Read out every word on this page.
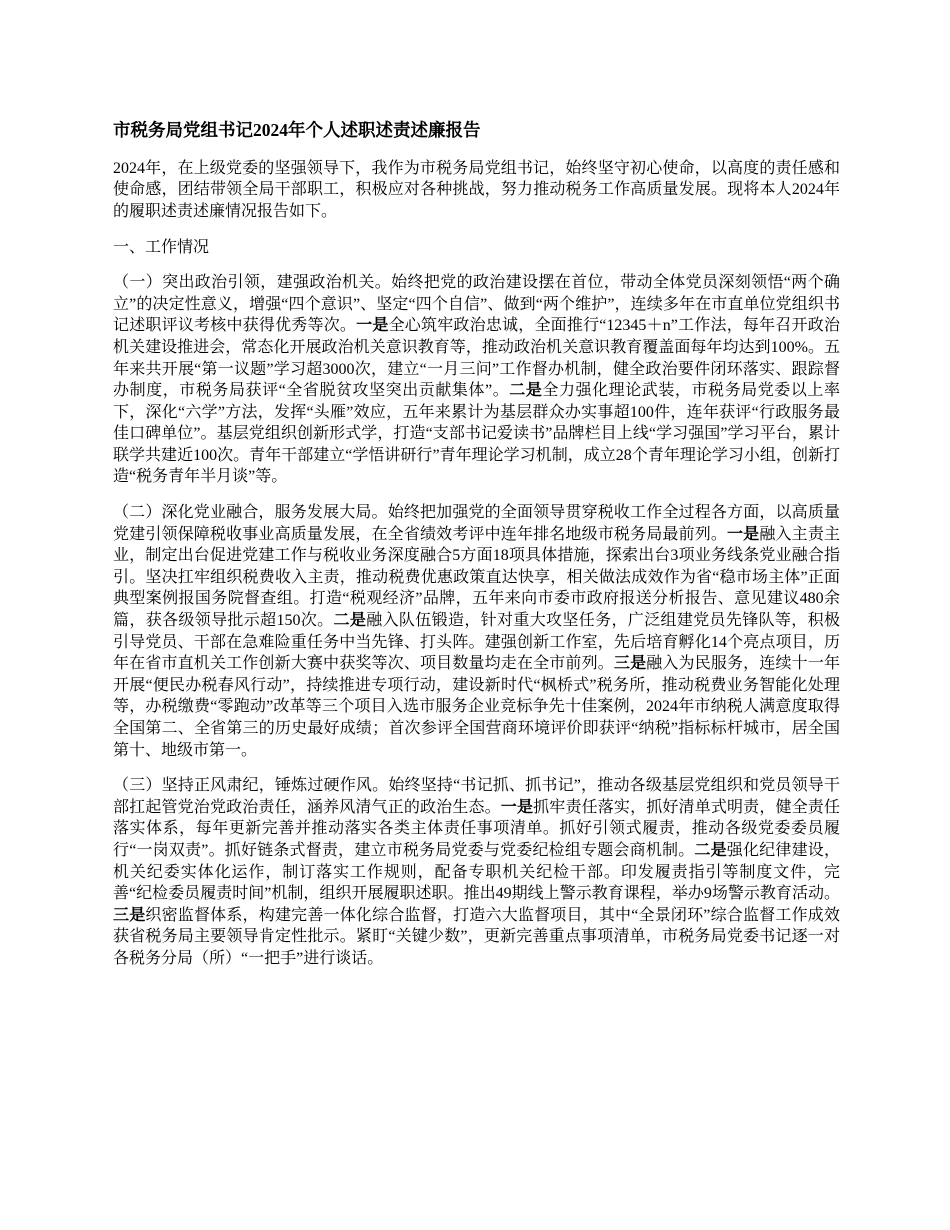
市税务局党组书记2024年个人述职述责述廉报告

2024年，在上级党委的坚强领导下，我作为市税务局党组书记，始终坚守初心使命，以高度的责任感和使命感，团结带领全局干部职工，积极应对各种挑战，努力推动税务工作高质量发展。现将本人2024年的履职述责述廉情况报告如下。

一、工作情况

（一）突出政治引领，建强政治机关。始终把党的政治建设摆在首位，带动全体党员深刻领悟“两个确立”的决定性意义，增强“四个意识”、坚定“四个自信”、做到“两个维护”，连续多年在市直单位党组织书记述职评议考核中获得优秀等次。一是全心筑牢政治忠诚，全面推行“12345＋n”工作法，每年召开政治机关建设推进会，常态化开展政治机关意识教育等，推动政治机关意识教育覆盖面每年均达到100%。五年来共开展“第一议题”学习超3000次，建立“一月三问”工作督办机制，健全政治要件闭环落实、跟踪督办制度，市税务局获评“全省脱贫攻坚突出贡献集体”。二是全力强化理论武装，市税务局党委以上率下，深化“六学”方法，发挥“头雁”效应，五年来累计为基层群众办实事超100件，连年获评“行政服务最佳口碑单位”。基层党组织创新形式学，打造“支部书记爱读书”品牌栏目上线“学习强国”学习平台，累计联学共建近100次。青年干部建立“学悟讲研行”青年理论学习机制，成立28个青年理论学习小组，创新打造“税务青年半月谈”等。

（二）深化党业融合，服务发展大局。始终把加强党的全面领导贯穿税收工作全过程各方面，以高质量党建引领保障税收事业高质量发展，在全省绩效考评中连年排名地级市税务局最前列。一是融入主责主业，制定出台促进党建工作与税收业务深度融合5方面18项具体措施，探索出台3项业务线条党业融合指引。坚决扛牢组织税费收入主责，推动税费优惠政策直达快享，相关做法成效作为省“稳市场主体”正面典型案例报国务院督查组。打造“税观经济”品牌，五年来向市委市政府报送分析报告、意见建议480余篇，获各级领导批示超150次。二是融入队伍锻造，针对重大攻坚任务，广泛组建党员先锋队等，积极引导党员、干部在急难险重任务中当先锋、打头阵。建强创新工作室，先后培育孵化14个亮点项目，历年在省市直机关工作创新大赛中获奖等次、项目数量均走在全市前列。三是融入为民服务，连续十一年开展“便民办税春风行动”，持续推进专项行动，建设新时代“枫桥式”税务所，推动税费业务智能化处理等，办税缴费“零跑动”改革等三个项目入选市服务企业竞标争先十佳案例，2024年市纳税人满意度取得全国第二、全省第三的历史最好成绩；首次参评全国营商环境评价即获评“纳税”指标标杆城市，居全国第十、地级市第一。

（三）坚持正风肃纪，锤炼过硬作风。始终坚持“书记抓、抓书记”，推动各级基层党组织和党员领导干部扛起管党治党政治责任，涵养风清气正的政治生态。一是抓牢责任落实，抓好清单式明责，健全责任落实体系，每年更新完善并推动落实各类主体责任事项清单。抓好引领式履责，推动各级党委委员履行“一岗双责”。抓好链条式督责，建立市税务局党委与党委纪检组专题会商机制。二是强化纪律建设，机关纪委实体化运作，制订落实工作规则，配备专职机关纪检干部。印发履责指引等制度文件，完善“纪检委员履责时间”机制，组织开展履职述职。推出49期线上警示教育课程，举办9场警示教育活动。三是织密监督体系，构建完善一体化综合监督，打造六大监督项目，其中“全景闭环”综合监督工作成效获省税务局主要领导肯定性批示。紧盯“关键少数”，更新完善重点事项清单，市税务局党委书记逐一对各税务分局（所）“一把手”进行谈话。
